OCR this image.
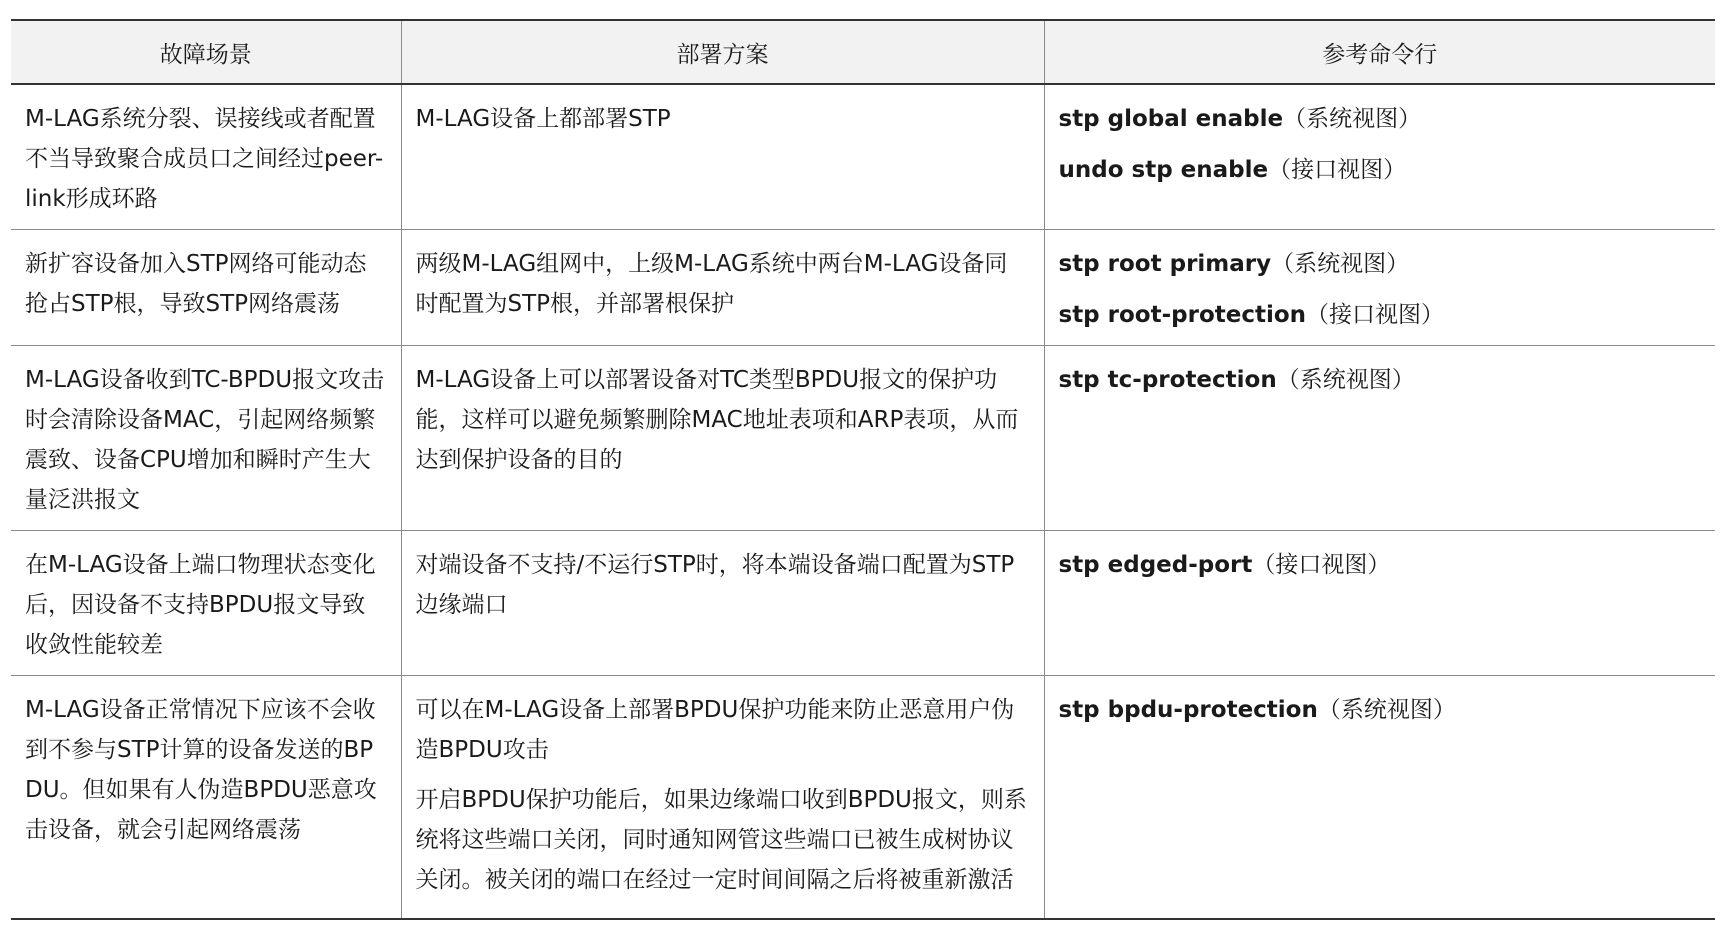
故障场景	部署方案	参考命令行
M-LAG系统分裂、误接线或者配置不当导致聚合成员口之间经过peer-link形成环路	M-LAG设备上都部署STP	stp global enable（系统视图）
undo stp enable（接口视图）

新扩容设备加入STP网络可能动态抢占STP根，导致STP网络震荡	两级M-LAG组网中，上级M-LAG系统中两台M-LAG设备同时配置为STP根，并部署根保护	stp root primary（系统视图）
stp root-protection（接口视图）

M-LAG设备收到TC-BPDU报文攻击时会清除设备MAC，引起网络频繁震致、设备CPU增加和瞬时产生大量泛洪报文	M-LAG设备上可以部署设备对TC类型BPDU报文的保护功能，这样可以避免频繁删除MAC地址表项和ARP表项，从而达到保护设备的目的	stp tc-protection（系统视图）

在M-LAG设备上端口物理状态变化后，因设备不支持BPDU报文导致收敛性能较差	对端设备不支持/不运行STP时，将本端设备端口配置为STP边缘端口	stp edged-port（接口视图）

M-LAG设备正常情况下应该不会收到不参与STP计算的设备发送的BPDU。但如果有人伪造BPDU恶意攻击设备，就会引起网络震荡	可以在M-LAG设备上部署BPDU保护功能来防止恶意用户伪造BPDU攻击
开启BPDU保护功能后，如果边缘端口收到BPDU报文，则系统将这些端口关闭，同时通知网管这些端口已被生成树协议关闭。被关闭的端口在经过一定时间间隔之后将被重新激活	stp bpdu-protection（系统视图）
